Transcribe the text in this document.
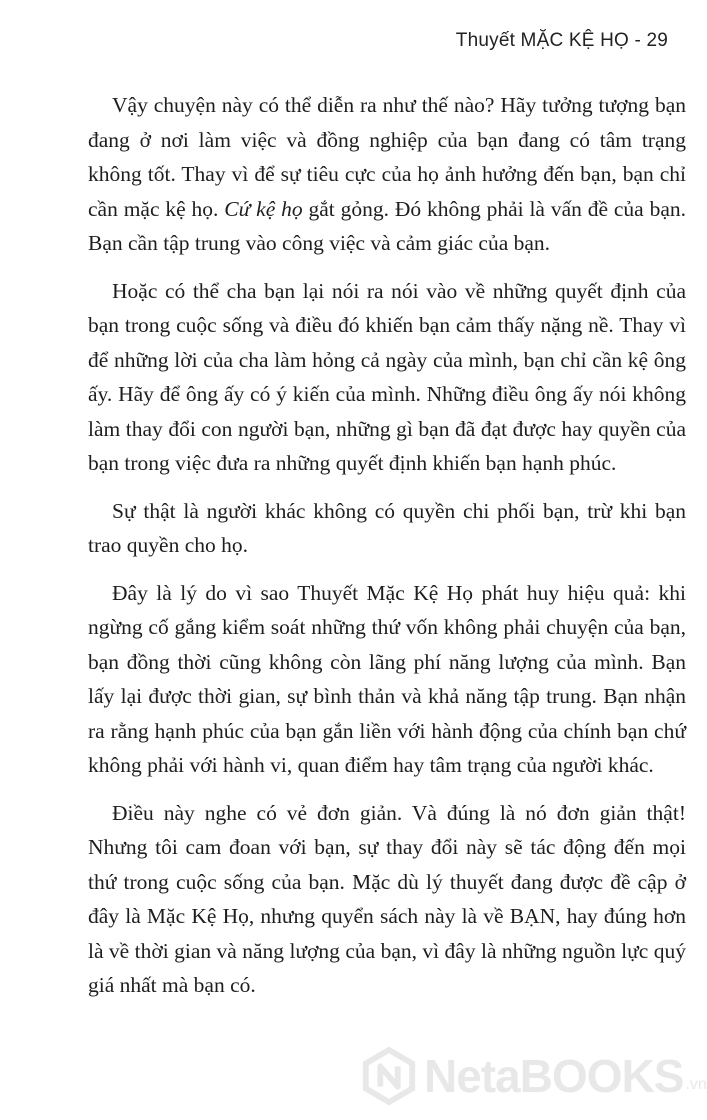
Thuyết MẶC KỆ HỌ - 29

Vậy chuyện này có thể diễn ra như thế nào? Hãy tưởng tượng bạn đang ở nơi làm việc và đồng nghiệp của bạn đang có tâm trạng không tốt. Thay vì để sự tiêu cực của họ ảnh hưởng đến bạn, bạn chỉ cần mặc kệ họ. Cứ kệ họ gắt gỏng. Đó không phải là vấn đề của bạn. Bạn cần tập trung vào công việc và cảm giác của bạn.

Hoặc có thể cha bạn lại nói ra nói vào về những quyết định của bạn trong cuộc sống và điều đó khiến bạn cảm thấy nặng nề. Thay vì để những lời của cha làm hỏng cả ngày của mình, bạn chỉ cần kệ ông ấy. Hãy để ông ấy có ý kiến của mình. Những điều ông ấy nói không làm thay đổi con người bạn, những gì bạn đã đạt được hay quyền của bạn trong việc đưa ra những quyết định khiến bạn hạnh phúc.

Sự thật là người khác không có quyền chi phối bạn, trừ khi bạn trao quyền cho họ.

Đây là lý do vì sao Thuyết Mặc Kệ Họ phát huy hiệu quả: khi ngừng cố gắng kiểm soát những thứ vốn không phải chuyện của bạn, bạn đồng thời cũng không còn lãng phí năng lượng của mình. Bạn lấy lại được thời gian, sự bình thản và khả năng tập trung. Bạn nhận ra rằng hạnh phúc của bạn gắn liền với hành động của chính bạn chứ không phải với hành vi, quan điểm hay tâm trạng của người khác.

Điều này nghe có vẻ đơn giản. Và đúng là nó đơn giản thật! Nhưng tôi cam đoan với bạn, sự thay đổi này sẽ tác động đến mọi thứ trong cuộc sống của bạn. Mặc dù lý thuyết đang được đề cập ở đây là Mặc Kệ Họ, nhưng quyển sách này là về BẠN, hay đúng hơn là về thời gian và năng lượng của bạn, vì đây là những nguồn lực quý giá nhất mà bạn có.

NetaBOOKS .vn
